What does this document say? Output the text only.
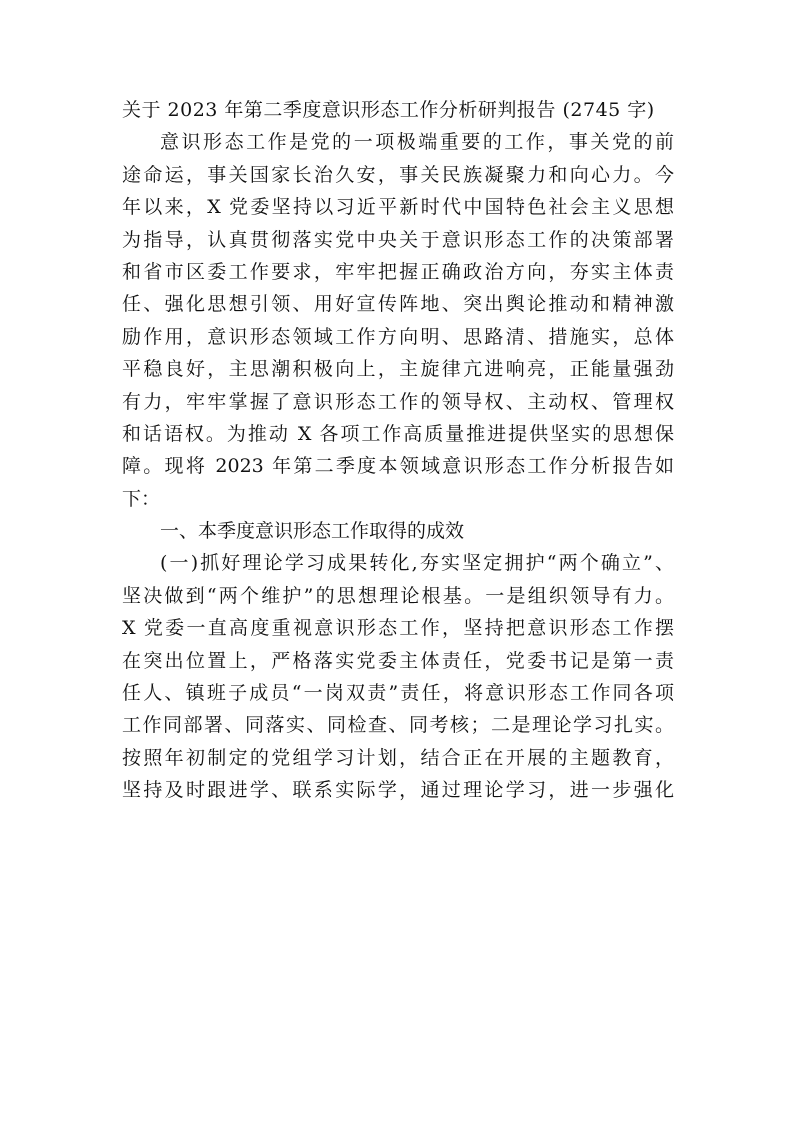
关于 2023 年第二季度意识形态工作分析研判报告 (2745 字)
意识形态工作是党的一项极端重要的工作，事关党的前
途命运，事关国家长治久安，事关民族凝聚力和向心力。今
年以来，X 党委坚持以习近平新时代中国特色社会主义思想
为指导，认真贯彻落实党中央关于意识形态工作的决策部署
和省市区委工作要求，牢牢把握正确政治方向，夯实主体责
任、强化思想引领、用好宣传阵地、突出舆论推动和精神激
励作用，意识形态领域工作方向明、思路清、措施实，总体
平稳良好，主思潮积极向上，主旋律亢进响亮，正能量强劲
有力，牢牢掌握了意识形态工作的领导权、主动权、管理权
和话语权。为推动 X 各项工作高质量推进提供坚实的思想保
障。现将 2023 年第二季度本领域意识形态工作分析报告如
下：
一、本季度意识形态工作取得的成效
(一)抓好理论学习成果转化,夯实坚定拥护“两个确立”、
坚决做到“两个维护”的思想理论根基。一是组织领导有力。
X 党委一直高度重视意识形态工作，坚持把意识形态工作摆
在突出位置上，严格落实党委主体责任，党委书记是第一责
任人、镇班子成员“一岗双责”责任，将意识形态工作同各项
工作同部署、同落实、同检查、同考核；二是理论学习扎实。
按照年初制定的党组学习计划，结合正在开展的主题教育，
坚持及时跟进学、联系实际学，通过理论学习，进一步强化
